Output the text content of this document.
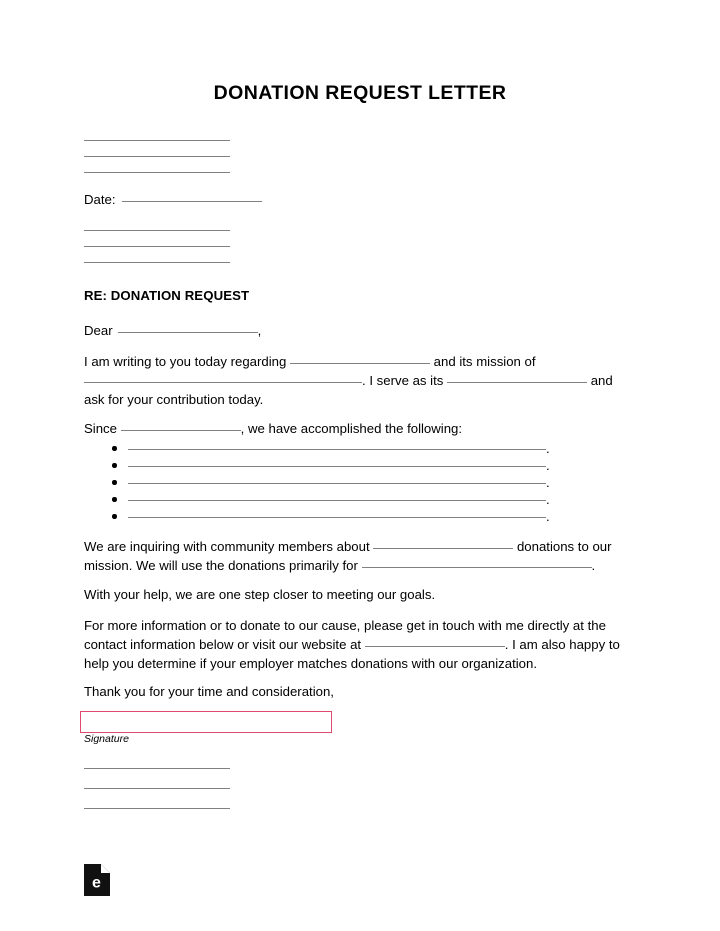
DONATION REQUEST LETTER
Date:
RE: DONATION REQUEST
Dear	,
I am writing to you today regarding	and its mission of . I serve as its	and ask for your contribution today.
Since	, we have accomplished the following:
.
.
.
.
.
We are inquiring with community members about	donations to our mission. We will use the donations primarily for	.
With your help, we are one step closer to meeting our goals.
For more information or to donate to our cause, please get in touch with me directly at the contact information below or visit our website at	. I am also happy to help you determine if your employer matches donations with our organization.
Thank you for your time and consideration,
Signature
e
